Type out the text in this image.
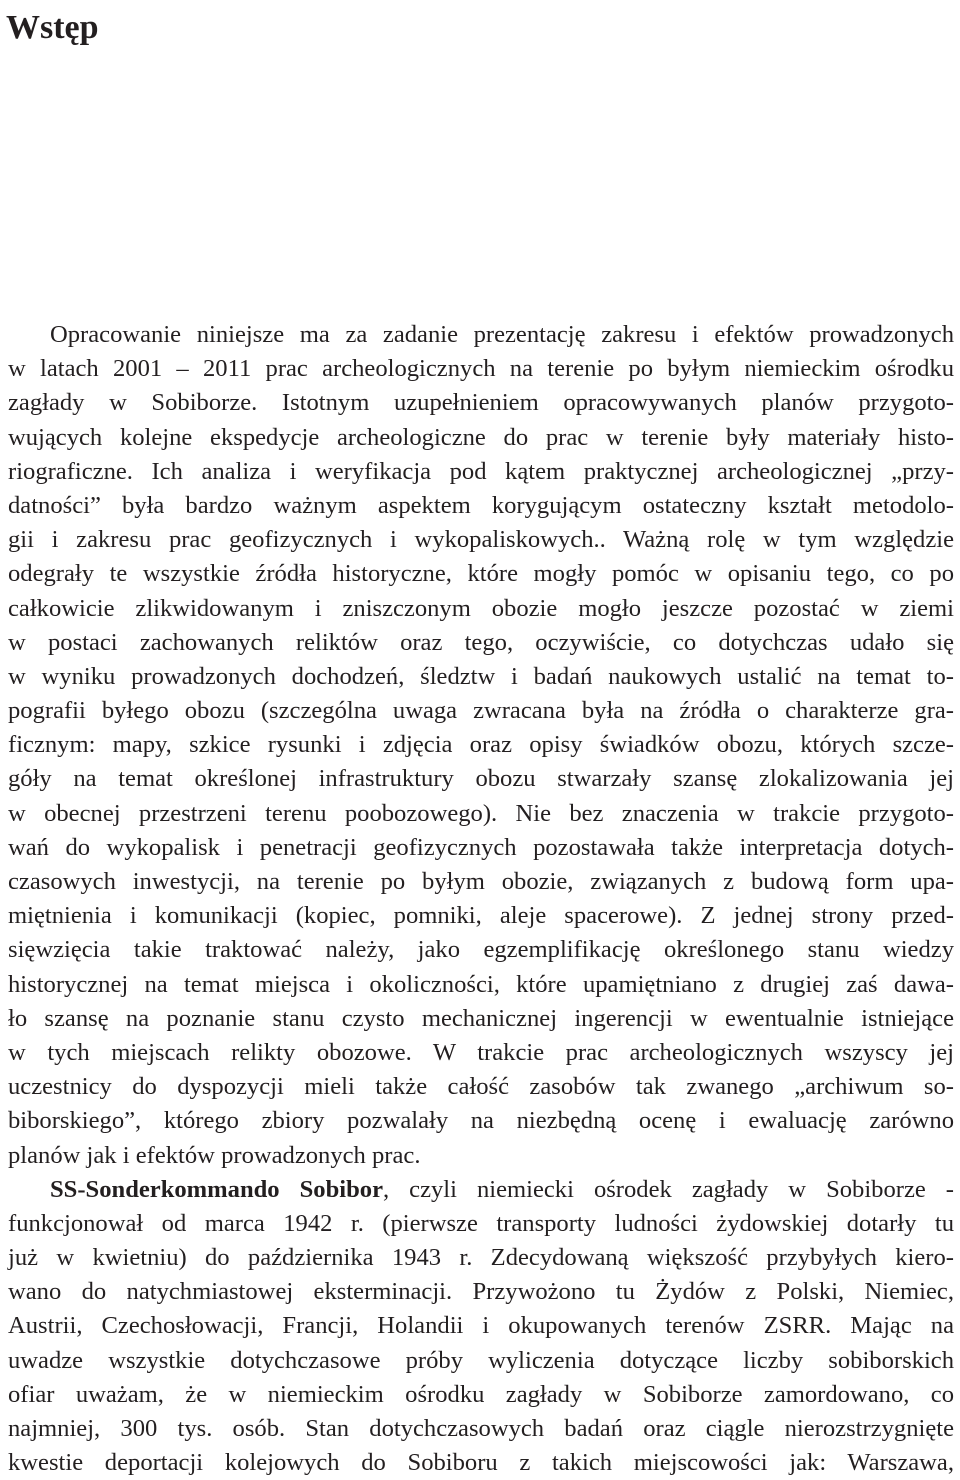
Wstęp
Opracowanie niniejsze ma za zadanie prezentację zakresu i efektów prowadzonych
w latach 2001 – 2011 prac archeologicznych na terenie po byłym niemieckim ośrodku
zagłady w Sobiborze. Istotnym uzupełnieniem opracowywanych planów przygoto-
wujących kolejne ekspedycje archeologiczne do prac w terenie były materiały histo-
riograficzne. Ich analiza i weryfikacja pod kątem praktycznej archeologicznej „przy-
datności” była bardzo ważnym aspektem korygującym ostateczny kształt metodolo-
gii i zakresu prac geofizycznych i wykopaliskowych.. Ważną rolę w tym względzie
odegrały te wszystkie źródła historyczne, które mogły pomóc w opisaniu tego, co po
całkowicie zlikwidowanym i zniszczonym obozie mogło jeszcze pozostać w ziemi
w postaci zachowanych reliktów oraz tego, oczywiście, co dotychczas udało się
w wyniku prowadzonych dochodzeń, śledztw i badań naukowych ustalić na temat to-
pografii byłego obozu (szczególna uwaga zwracana była na źródła o charakterze gra-
ficznym: mapy, szkice rysunki i zdjęcia oraz opisy świadków obozu, których szcze-
góły na temat określonej infrastruktury obozu stwarzały szansę zlokalizowania jej
w obecnej przestrzeni terenu poobozowego). Nie bez znaczenia w trakcie przygoto-
wań do wykopalisk i penetracji geofizycznych pozostawała także interpretacja dotych-
czasowych inwestycji, na terenie po byłym obozie, związanych z budową form upa-
miętnienia i komunikacji (kopiec, pomniki, aleje spacerowe). Z jednej strony przed-
sięwzięcia takie traktować należy, jako egzemplifikację określonego stanu wiedzy
historycznej na temat miejsca i okoliczności, które upamiętniano z drugiej zaś dawa-
ło szansę na poznanie stanu czysto mechanicznej ingerencji w ewentualnie istniejące
w tych miejscach relikty obozowe. W trakcie prac archeologicznych wszyscy jej
uczestnicy do dyspozycji mieli także całość zasobów tak zwanego „archiwum so-
biborskiego”, którego zbiory pozwalały na niezbędną ocenę i ewaluację zarówno
planów jak i efektów prowadzonych prac.
SS-Sonderkommando Sobibor, czyli niemiecki ośrodek zagłady w Sobiborze -
funkcjonował od marca 1942 r. (pierwsze transporty ludności żydowskiej dotarły tu
już w kwietniu) do października 1943 r. Zdecydowaną większość przybyłych kiero-
wano do natychmiastowej eksterminacji. Przywożono tu Żydów z Polski, Niemiec,
Austrii, Czechosłowacji, Francji, Holandii i okupowanych terenów ZSRR. Mając na
uwadze wszystkie dotychczasowe próby wyliczenia dotyczące liczby sobiborskich
ofiar uważam, że w niemieckim ośrodku zagłady w Sobiborze zamordowano, co
najmniej, 300 tys. osób. Stan dotychczasowych badań oraz ciągle nierozstrzygnięte
kwestie deportacji kolejowych do Sobiboru z takich miejscowości jak: Warszawa,
